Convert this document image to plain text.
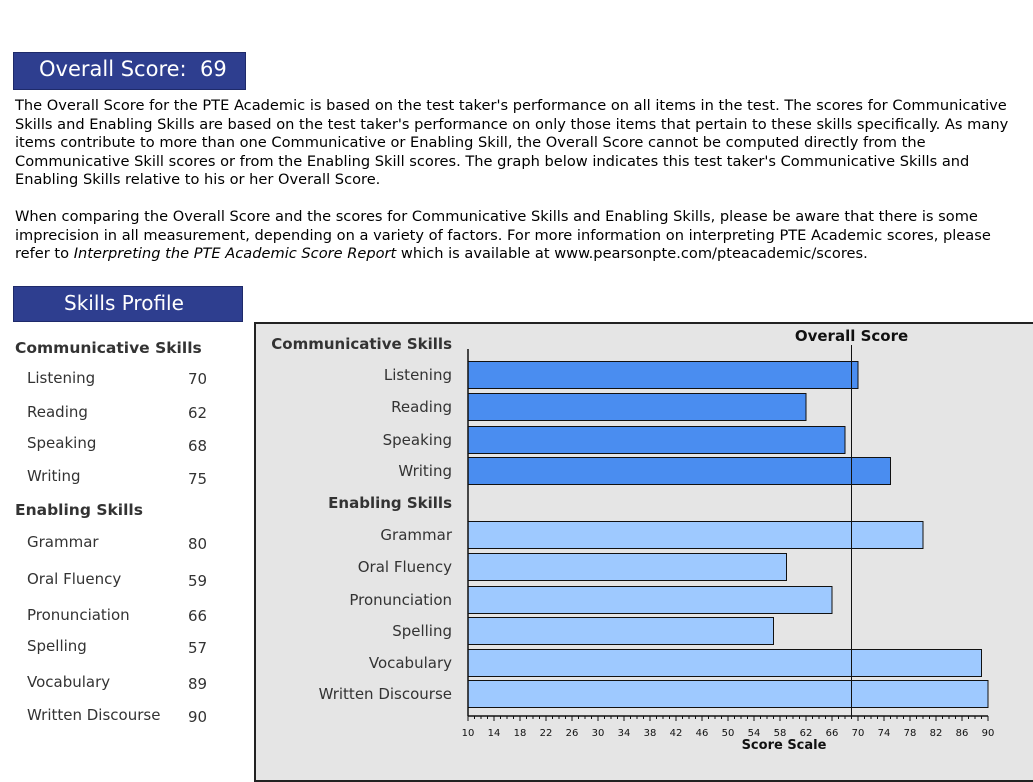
Overall Score: 69

The Overall Score for the PTE Academic is based on the test taker's performance on all items in the test. The scores for Communicative
Skills and Enabling Skills are based on the test taker's performance on only those items that pertain to these skills specifically. As many
items contribute to more than one Communicative or Enabling Skill, the Overall Score cannot be computed directly from the
Communicative Skill scores or from the Enabling Skill scores. The graph below indicates this test taker's Communicative Skills and
Enabling Skills relative to his or her Overall Score.

When comparing the Overall Score and the scores for Communicative Skills and Enabling Skills, please be aware that there is some
imprecision in all measurement, depending on a variety of factors. For more information on interpreting PTE Academic scores, please
refer to Interpreting the PTE Academic Score Report which is available at www.pearsonpte.com/pteacademic/scores.

Skills Profile
Communicative Skills
Listening	70
Reading	62
Speaking	68
Writing	75
Enabling Skills
Grammar	80
Oral Fluency	59
Pronunciation	66
Spelling	57
Vocabulary	89
Written Discourse 90
Communicative Skills
Enabling Skills
Listening
Reading
Speaking
Writing
Grammar
Oral Fluency
Pronunciation
Spelling
Vocabulary
Written Discourse
10 14 18 22 26 30 34 38 42 46 50 54 58 62 66 70 74 78 82 86 90
Score Scale
Overall Score
